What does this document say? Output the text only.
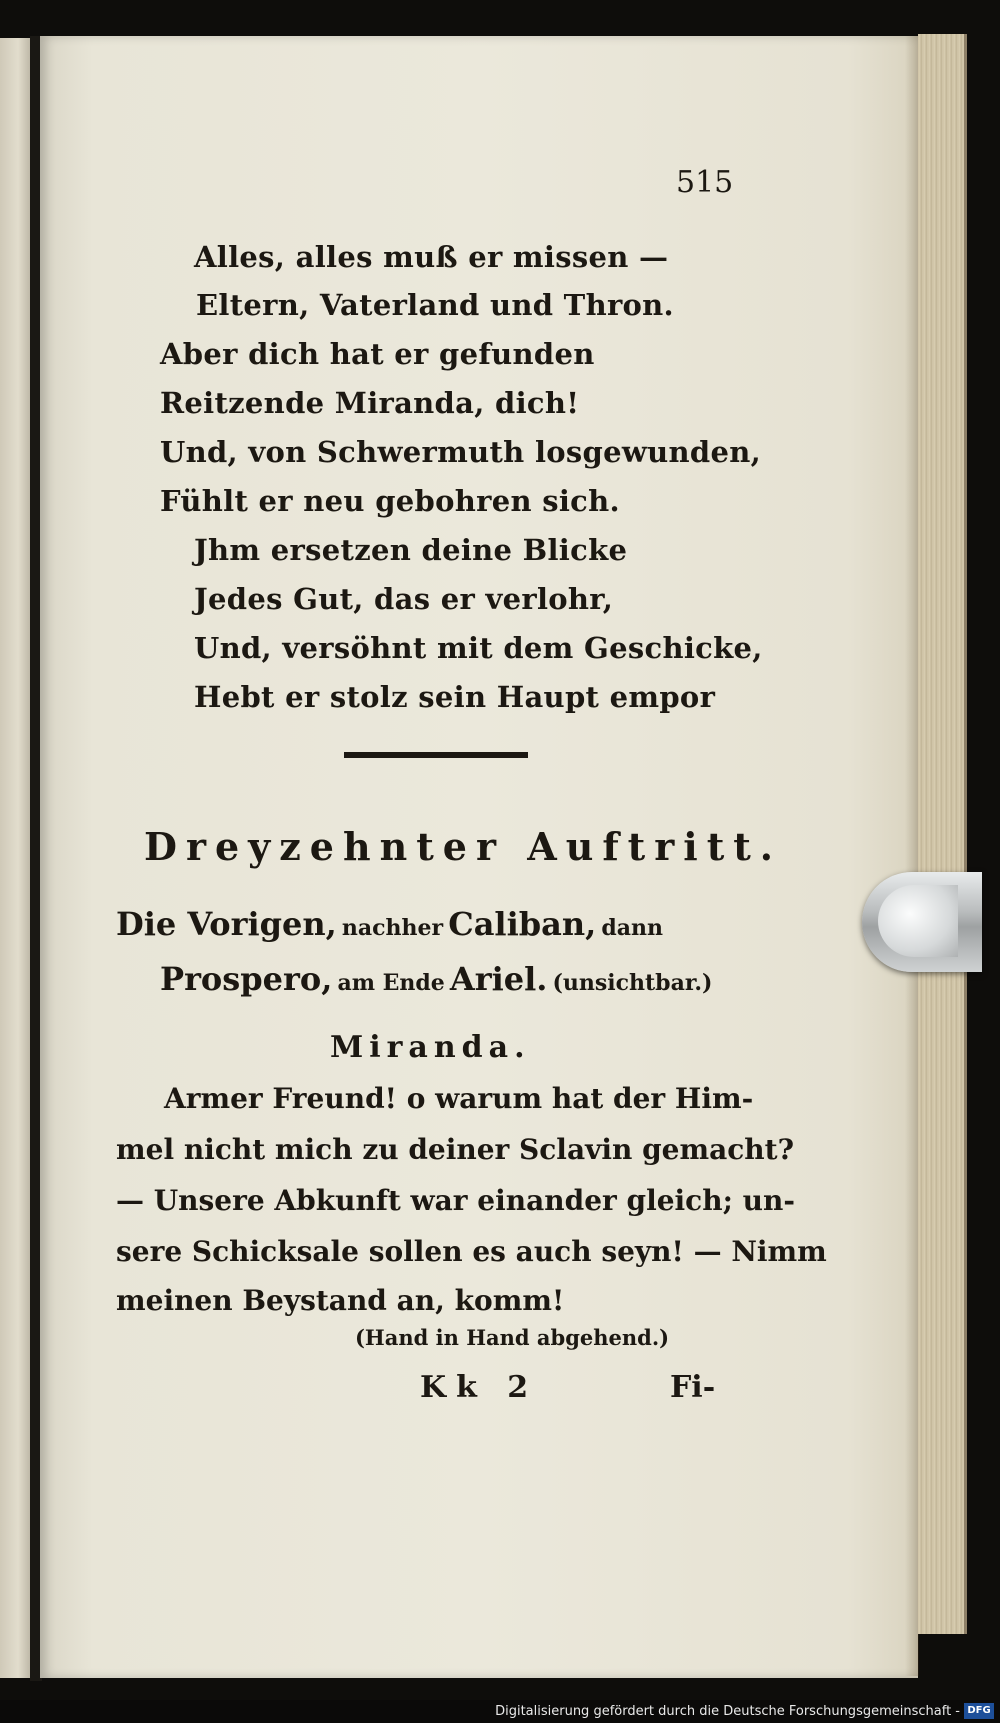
515
Alles, alles muß er missen —
Eltern, Vaterland und Thron.
Aber dich hat er gefunden
Reitzende Miranda, dich!
Und, von Schwermuth losgewunden,
Fühlt er neu gebohren sich.
Jhm ersetzen deine Blicke
Jedes Gut, das er verlohr,
Und, versöhnt mit dem Geschicke,
Hebt er stolz sein Haupt empor
Dreyzehnter Auftritt.
Die Vorigen, nachher Caliban, dann
Prospero, am Ende Ariel. (unsichtbar.)
Miranda.
Armer Freund! o warum hat der Him-
mel nicht mich zu deiner Sclavin gemacht?
— Unsere Abkunft war einander gleich; un-
sere Schicksale sollen es auch seyn! — Nimm
meinen Beystand an, komm!
(Hand in Hand abgehend.)
Kk 2	Fi-
Digitalisierung gefördert durch die Deutsche Forschungsgemeinschaft - DFG
